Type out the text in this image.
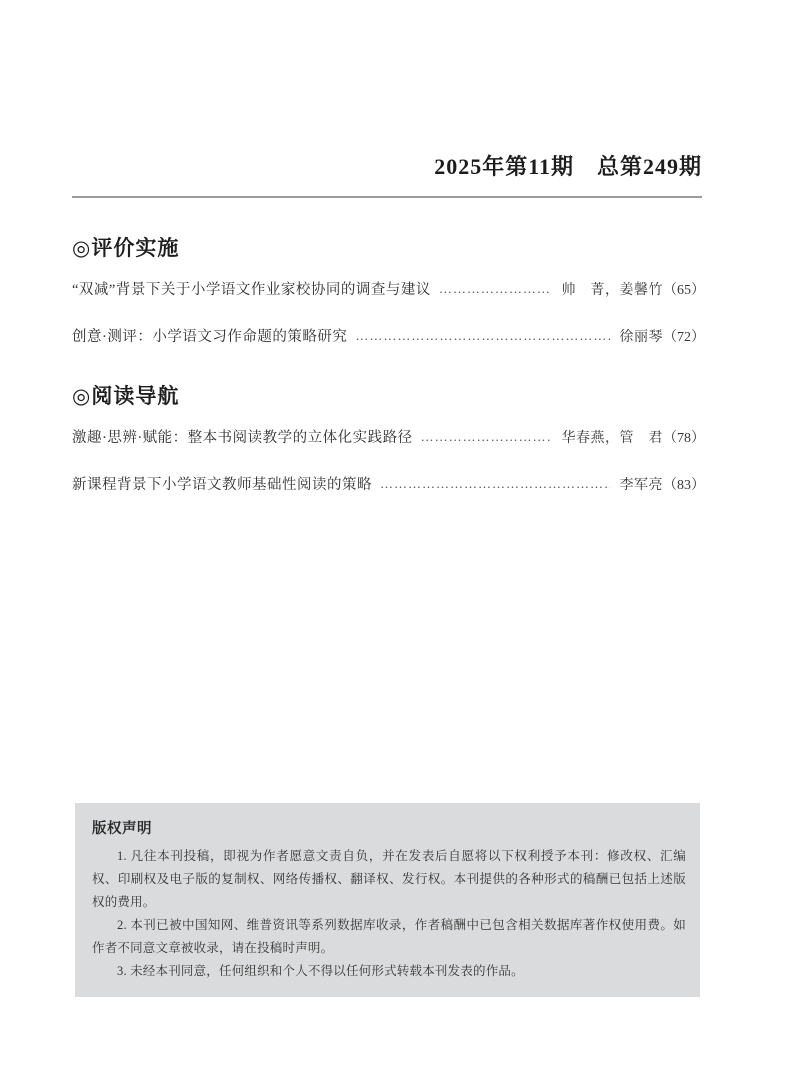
2025年第11期　总第249期
◎评价实施
“双减”背景下关于小学语文作业家校协同的调查与建议 …………………………………………………………………………………………………………	帅　菁，姜馨竹 （65）
创意·测评：小学语文习作命题的策略研究 …………………………………………………………………………………………………………	徐丽琴 （72）
◎阅读导航
激趣·思辨·赋能：整本书阅读教学的立体化实践路径 …………………………………………………………………………………………………………	华春燕，管　君 （78）
新课程背景下小学语文教师基础性阅读的策略 …………………………………………………………………………………………………………	李军亮 （83）
版权声明

1. 凡往本刊投稿，即视为作者愿意文责自负，并在发表后自愿将以下权利授予本刊：修改权、汇编权、印刷权及电子版的复制权、网络传播权、翻译权、发行权。本刊提供的各种形式的稿酬已包括上述版权的费用。

2. 本刊已被中国知网、维普资讯等系列数据库收录，作者稿酬中已包含相关数据库著作权使用费。如作者不同意文章被收录，请在投稿时声明。

3. 未经本刊同意，任何组织和个人不得以任何形式转载本刊发表的作品。
